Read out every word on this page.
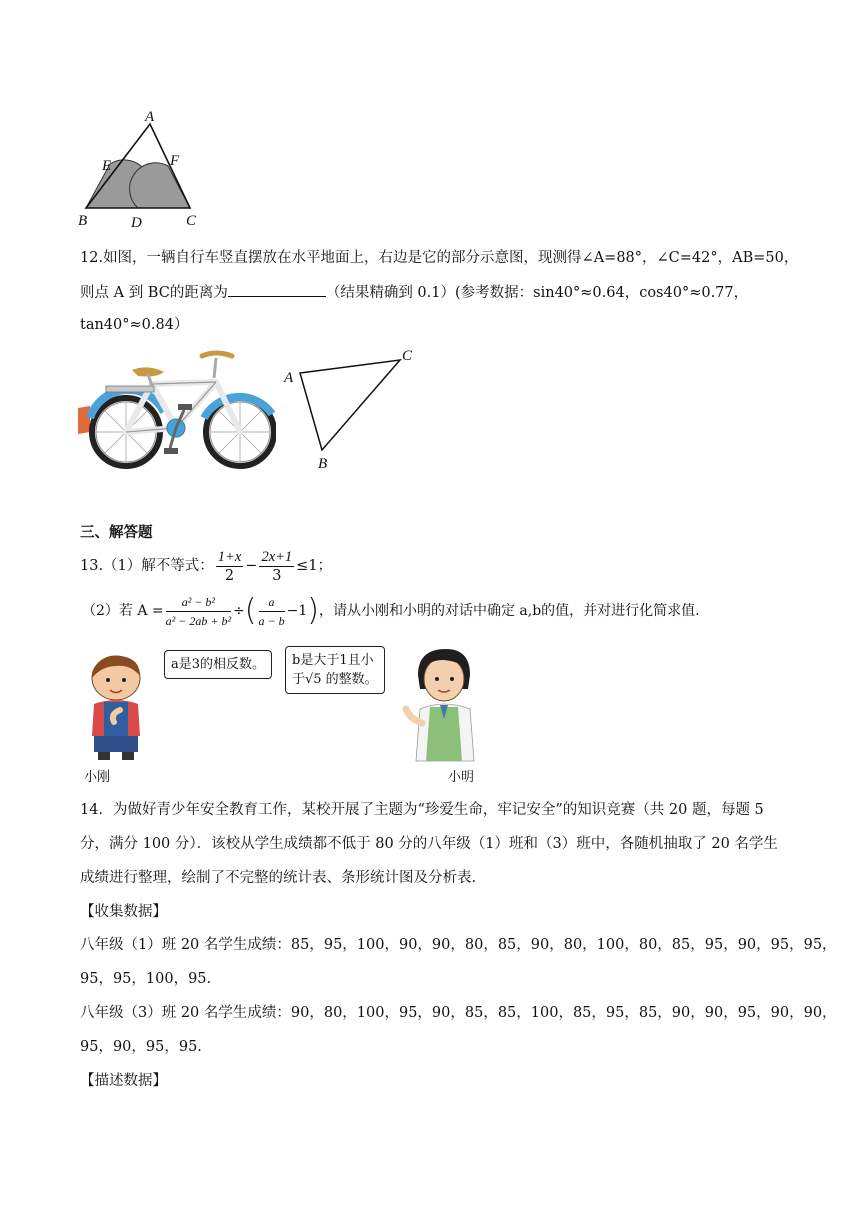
A
E	F
B	D	C
12.如图，一辆自行车竖直摆放在水平地面上，右边是它的部分示意图，现测得∠A=88°，∠C=42°，AB=50，
则点 A 到 BC的距离为	（结果精确到 0.1）(参考数据：sin40°≈0.64，cos40°≈0.77，
tan40°≈0.84）
A
C
B
三、解答题
13.（1）解不等式： $\frac{1+x}{2} - \frac{2x+1}{3} \le 1$；
（2）若 $A = \frac{\text{a² − b²}}{\text{a² − 2ab + b²}}$ ÷( $\frac{a}{a - b} -1$)，请从小刚和小明的对话中确定 a,b的值，并对进行化简求值.
a是3的相反数。
小刚
b是大于1且小
于√5 的整数。
小明
14．为做好青少年安全教育工作，某校开展了主题为“珍爱生命，牢记安全”的知识竞赛（共 20 题，每题 5
分，满分 100 分）．该校从学生成绩都不低于 80 分的八年级（1）班和（3）班中，各随机抽取了 20 名学生
成绩进行整理，绘制了不完整的统计表、条形统计图及分析表.
【收集数据】
八年级（1）班 20 名学生成绩：85，95，100，90，90，80，85，90，80，100，80，85，95，90，95，95，
95，95，100，95.
八年级（3）班 20 名学生成绩：90，80，100，95，90，85，85，100，85，95，85，90，90，95，90，90，
95，90，95，95.
【描述数据】
